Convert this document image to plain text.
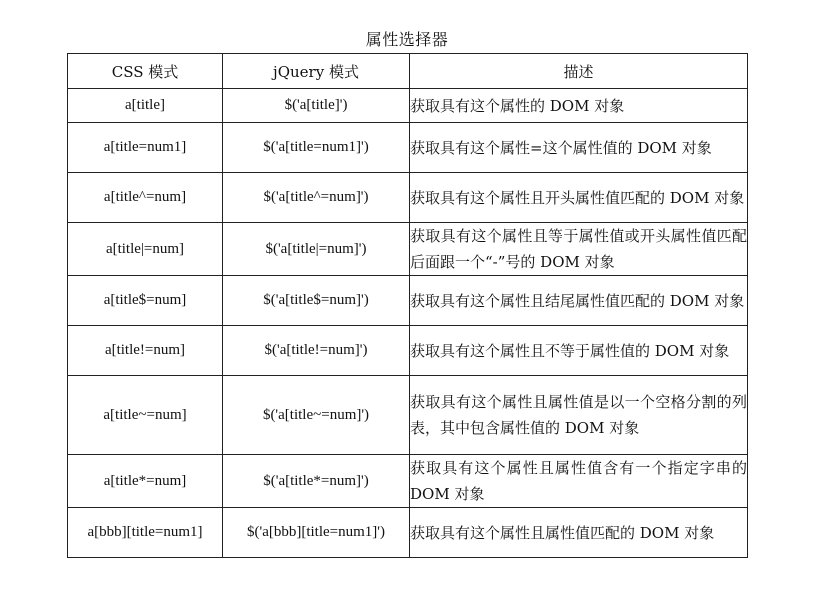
属性选择器
CSS 模式	jQuery 模式	描述
a[title]	$('a[title]')	获取具有这个属性的 DOM 对象
a[title=num1]	$('a[title=num1]')	获取具有这个属性=这个属性值的 DOM 对象
a[title^=num]	$('a[title^=num]')	获取具有这个属性且开头属性值匹配的 DOM 对象
a[title|=num]	$('a[title|=num]')	获取具有这个属性且等于属性值或开头属性值匹配后面跟一个“-”号的 DOM 对象
a[title$=num]	$('a[title$=num]')	获取具有这个属性且结尾属性值匹配的 DOM 对象
a[title!=num]	$('a[title!=num]')	获取具有这个属性且不等于属性值的 DOM 对象
a[title~=num]	$('a[title~=num]')	获取具有这个属性且属性值是以一个空格分割的列表，其中包含属性值的 DOM 对象
a[title*=num]	$('a[title*=num]')	获取具有这个属性且属性值含有一个指定字串的 DOM 对象
a[bbb][title=num1]	$('a[bbb][title=num1]')	获取具有这个属性且属性值匹配的 DOM 对象
